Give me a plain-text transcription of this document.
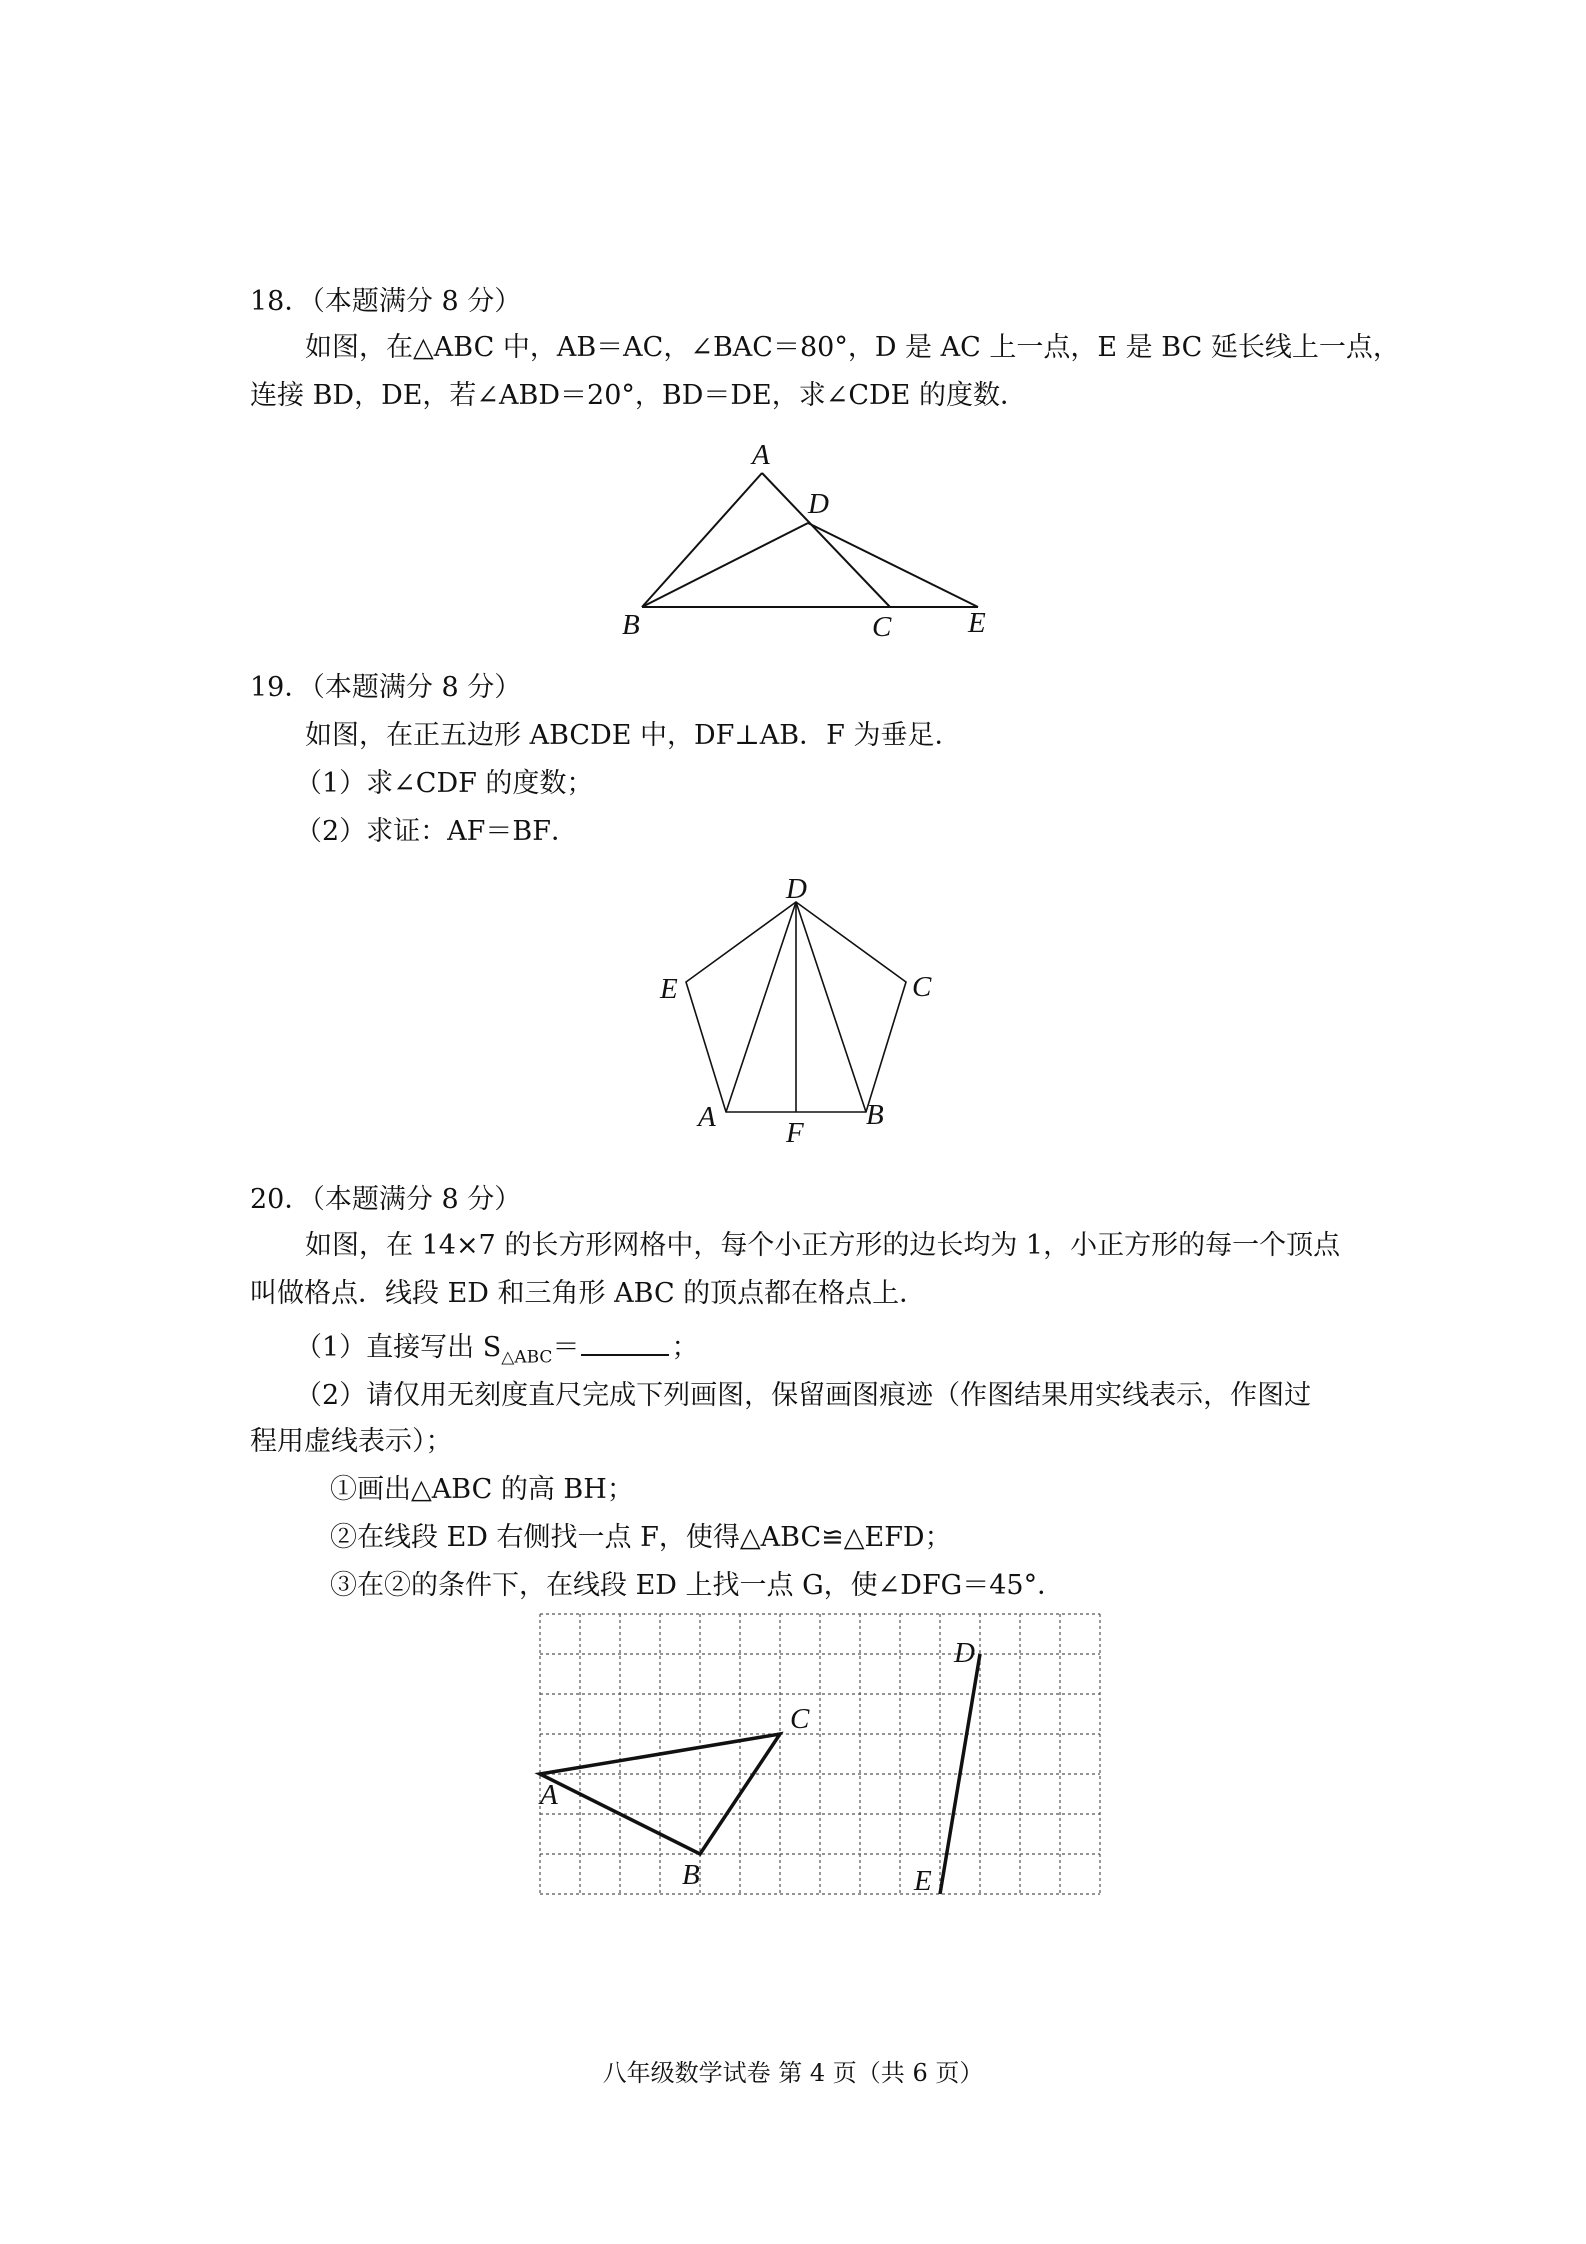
18．（本题满分 8 分）
如图，在△ABC 中，AB＝AC，∠BAC＝80°，D 是 AC 上一点，E 是 BC 延长线上一点，
连接 BD，DE，若∠ABD＝20°，BD＝DE，求∠CDE 的度数．
A
D
B	C	E
19．（本题满分 8 分）
如图，在正五边形 ABCDE 中，DF⊥AB．F 为垂足．
（1）求∠CDF 的度数；
（2）求证：AF＝BF．
D
E	C
A	B
F
20．（本题满分 8 分）
如图，在 14×7 的长方形网格中，每个小正方形的边长均为 1，小正方形的每一个顶点
叫做格点．线段 ED 和三角形 ABC 的顶点都在格点上．
（1）直接写出 $S_{\triangle ABC}=$	；
（2）请仅用无刻度直尺完成下列画图，保留画图痕迹（作图结果用实线表示，作图过
程用虚线表示）；
①画出△ABC 的高 BH；
②在线段 ED 右侧找一点 F，使得△ABC≌△EFD；
③在②的条件下，在线段 ED 上找一点 G，使∠DFG＝45°．
A
B
C
D
E
八年级数学试卷 第 4 页（共 6 页）
